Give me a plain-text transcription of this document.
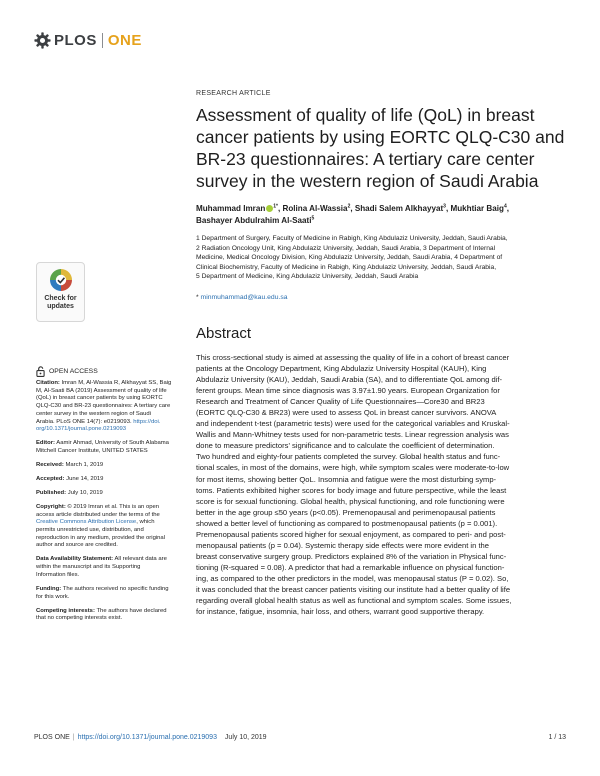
PLOS ONE
RESEARCH ARTICLE
Assessment of quality of life (QoL) in breast
cancer patients by using EORTC QLQ-C30 and
BR-23 questionnaires: A tertiary care center
survey in the western region of Saudi Arabia
Muhammad Imran $^{1*}$, Rolina Al-Wassia$^2$, Shadi Salem Alkhayyat$^3$, Mukhtiar Baig$^4$,
Bashayer Abdulrahim Al-Saati$^5$
1 Department of Surgery, Faculty of Medicine in Rabigh, King Abdulaziz University, Jeddah, Saudi Arabia,
2 Radiation Oncology Unit, King Abdulaziz University, Jeddah, Saudi Arabia, 3 Department of Internal
Medicine, Medical Oncology Division, King Abdulaziz University, Jeddah, Saudi Arabia, 4 Department of
Clinical Biochemistry, Faculty of Medicine in Rabigh, King Abdulaziz University, Jeddah, Saudi Arabia,
5 Department of Medicine, King Abdulaziz University, Jeddah, Saudi Arabia
* minmuhammad@kau.edu.sa
Abstract
This cross-sectional study is aimed at assessing the quality of life in a cohort of breast cancer
patients at the Oncology Department, King Abdulaziz University Hospital (KAUH), King
Abdulaziz University (KAU), Jeddah, Saudi Arabia (SA), and to differentiate QoL among dif-
ferent groups. Mean time since diagnosis was 3.97±1.90 years. European Organization for
Research and Treatment of Cancer Quality of Life Questionnaires—Core30 and BR23
(EORTC QLQ-C30 & BR23) were used to assess QoL in breast cancer survivors. ANOVA
and independent t-test (parametric tests) were used for the categorical variables and Kruskal-
Wallis and Mann-Whitney tests used for non-parametric tests. Linear regression analysis was
done to measure predictors' significance and to calculate the coefficient of determination.
Two hundred and eighty-four patients completed the survey. Global health status and func-
tional scales, in most of the domains, were high, while symptom scales were moderate-to-low
for most items, showing better QoL. Insomnia and fatigue were the most disturbing symp-
toms. Patients exhibited higher scores for body image and future perspective, while the least
score is for sexual functioning. Global health, physical functioning, and role functioning were
better in the age group ≤50 years (p<0.05). Premenopausal and perimenopausal patients
showed a better level of functioning as compared to postmenopausal patients (p = 0.001).
Premenopausal patients scored higher for sexual enjoyment, as compared to peri- and post-
menopausal patients (p = 0.04). Systemic therapy side effects were more evident in the
breast conservative surgery group. Predictors explained 8% of the variation in Physical func-
tioning (R-squared = 0.08). A predictor that had a remarkable influence on physical function-
ing, as compared to the other predictors in the model, was menopausal status (P = 0.02). So,
it was concluded that the breast cancer patients visiting our institute had a better quality of life
regarding overall global health status as well as functional and symptom scales. Some issues,
for instance, fatigue, insomnia, hair loss, and others, warrant good supportive therapy.
Check for
updates
OPEN ACCESS
Citation: Imran M, Al-Wassia R, Alkhayyat SS, Baig
M, Al-Saati BA (2019) Assessment of quality of life
(QoL) in breast cancer patients by using EORTC
QLQ-C30 and BR-23 questionnaires: A tertiary care
center survey in the western region of Saudi
Arabia. PLoS ONE 14(7): e0219093. https://doi.
org/10.1371/journal.pone.0219093
Editor: Aamir Ahmad, University of South Alabama
Mitchell Cancer Institute, UNITED STATES
Received: March 1, 2019
Accepted: June 14, 2019
Published: July 10, 2019
Copyright: © 2019 Imran et al. This is an open
access article distributed under the terms of the
Creative Commons Attribution License, which
permits unrestricted use, distribution, and
reproduction in any medium, provided the original
author and source are credited.
Data Availability Statement: All relevant data are
within the manuscript and its Supporting
Information files.
Funding: The authors received no specific funding
for this work.
Competing interests: The authors have declared
that no competing interests exist.
PLOS ONE | https://doi.org/10.1371/journal.pone.0219093 July 10, 2019	1 / 13
